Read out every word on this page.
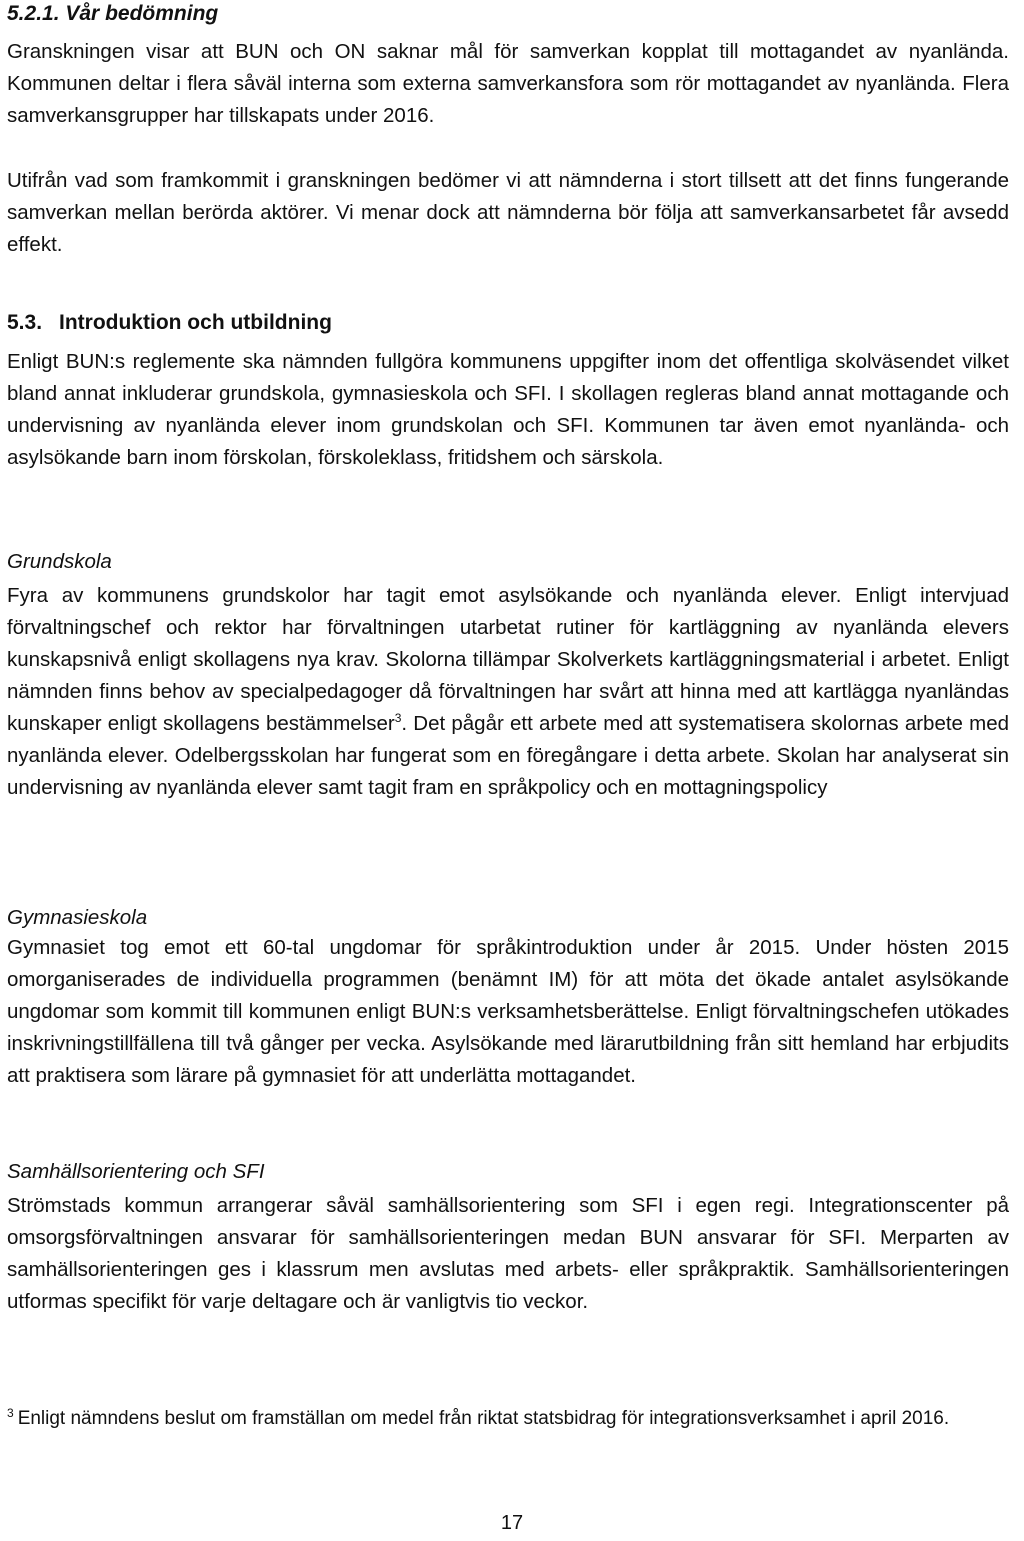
5.2.1. Vår bedömning

Granskningen visar att BUN och ON saknar mål för samverkan kopplat till mottagandet av nyanlända. Kommunen deltar i flera såväl interna som externa samverkansfora som rör mottagandet av nyanlända. Flera samverkansgrupper har tillskapats under 2016.

Utifrån vad som framkommit i granskningen bedömer vi att nämnderna i stort tillsett att det finns fungerande samverkan mellan berörda aktörer. Vi menar dock att nämnderna bör följa att samverkansarbetet får avsedd effekt.

5.3. Introduktion och utbildning

Enligt BUN:s reglemente ska nämnden fullgöra kommunens uppgifter inom det offentliga skolväsendet vilket bland annat inkluderar grundskola, gymnasieskola och SFI. I skollagen regleras bland annat mottagande och undervisning av nyanlända elever inom grundskolan och SFI. Kommunen tar även emot nyanlända- och asylsökande barn inom förskolan, förskoleklass, fritidshem och särskola.

Grundskola

Fyra av kommunens grundskolor har tagit emot asylsökande och nyanlända elever. Enligt intervjuad förvaltningschef och rektor har förvaltningen utarbetat rutiner för kartläggning av nyanlända elevers kunskapsnivå enligt skollagens nya krav. Skolorna tillämpar Skolverkets kartläggningsmaterial i arbetet. Enligt nämnden finns behov av specialpedagoger då förvaltningen har svårt att hinna med att kartlägga nyanländas kunskaper enligt skollagens bestämmelser$^3$. Det pågår ett arbete med att systematisera skolornas arbete med nyanlända elever. Odelbergsskolan har fungerat som en föregångare i detta arbete. Skolan har analyserat sin undervisning av nyanlända elever samt tagit fram en språkpolicy och en mottagningspolicy

Gymnasieskola

Gymnasiet tog emot ett 60-tal ungdomar för språkintroduktion under år 2015. Under hösten 2015 omorganiserades de individuella programmen (benämnt IM) för att möta det ökade antalet asylsökande ungdomar som kommit till kommunen enligt BUN:s verksamhetsberättelse. Enligt förvaltningschefen utökades inskrivningstillfällena till två gånger per vecka. Asylsökande med lärarutbildning från sitt hemland har erbjudits att praktisera som lärare på gymnasiet för att underlätta mottagandet.

Samhällsorientering och SFI

Strömstads kommun arrangerar såväl samhällsorientering som SFI i egen regi. Integrationscenter på omsorgsförvaltningen ansvarar för samhällsorienteringen medan BUN ansvarar för SFI. Merparten av samhällsorienteringen ges i klassrum men avslutas med arbets- eller språkpraktik. Samhällsorienteringen utformas specifikt för varje deltagare och är vanligtvis tio veckor.

$^3$ Enligt nämndens beslut om framställan om medel från riktat statsbidrag för integrationsverksamhet i april 2016.

17
